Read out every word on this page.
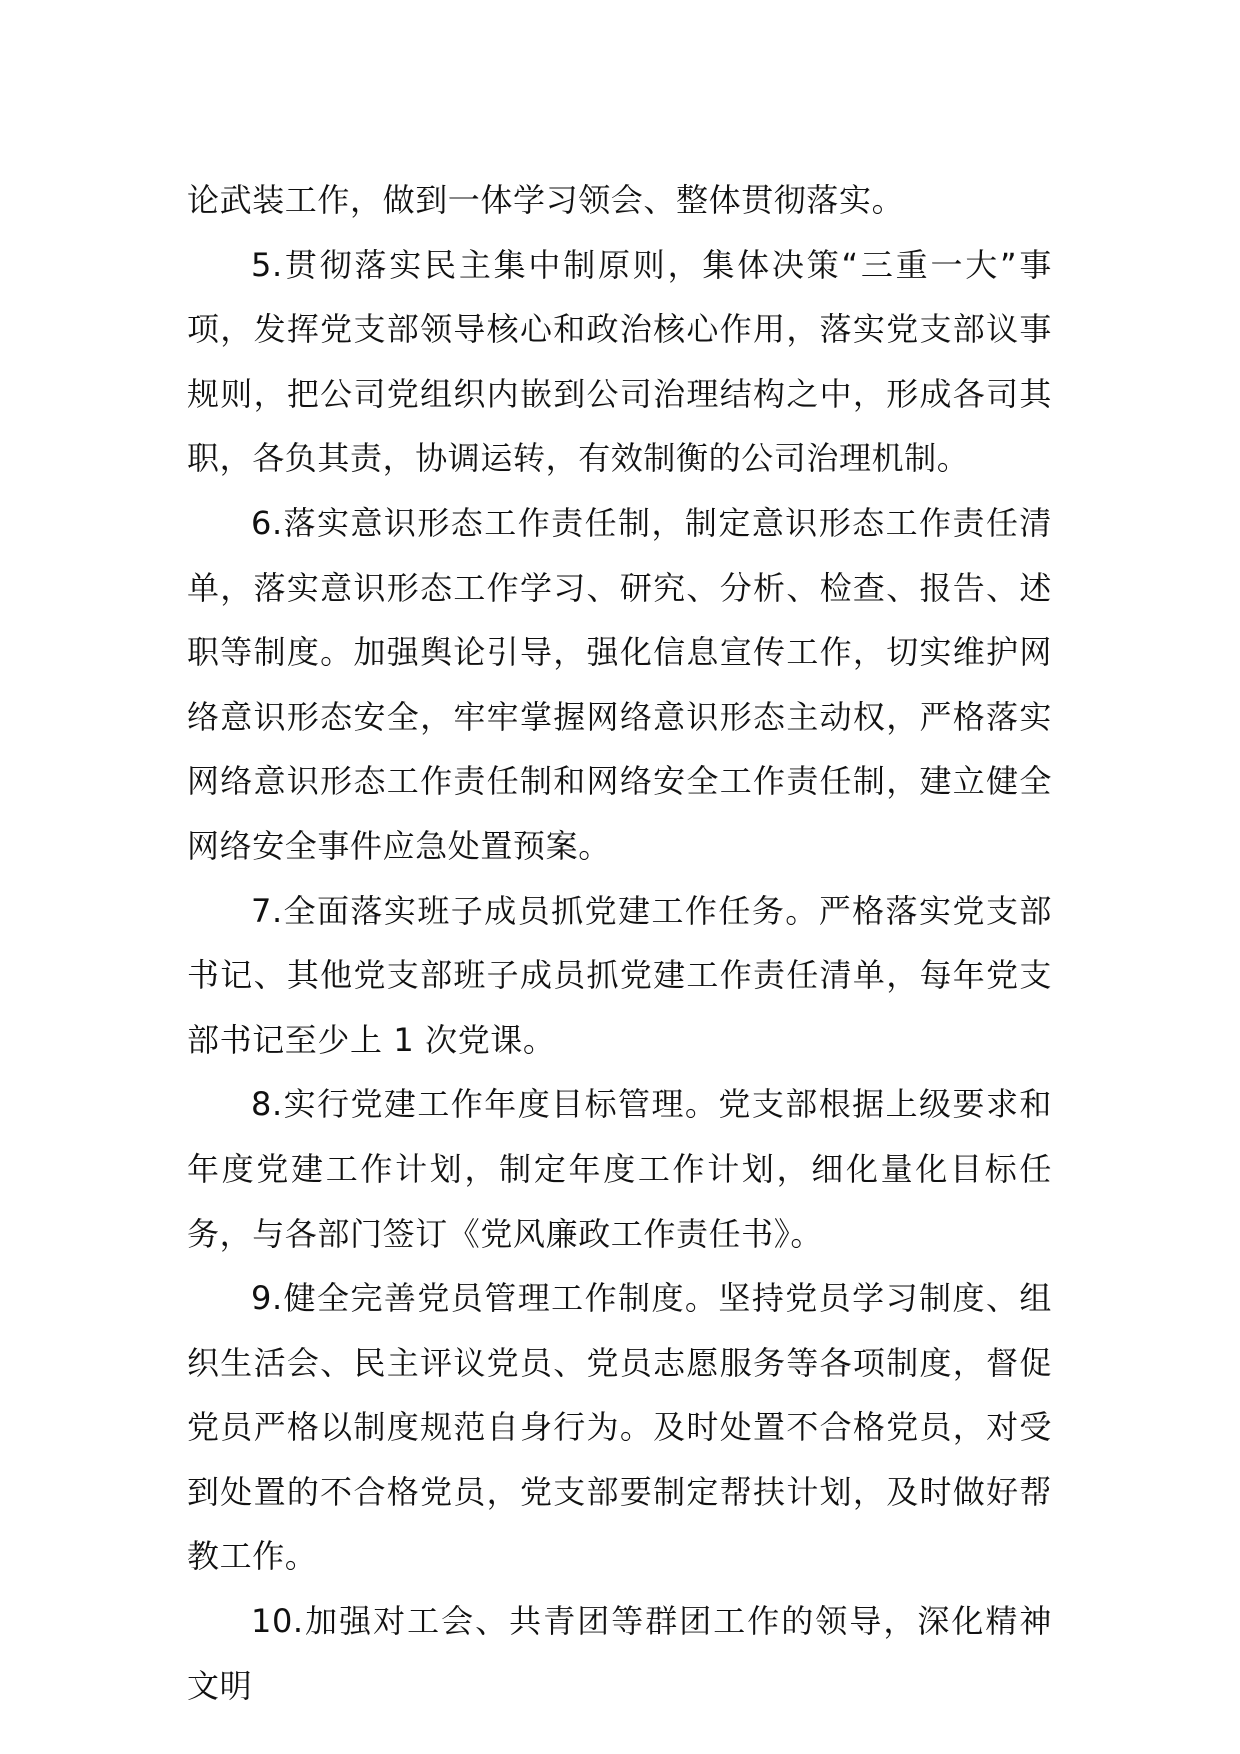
论武装工作，做到一体学习领会、整体贯彻落实。

5.贯彻落实民主集中制原则，集体决策“三重一大”事项，发挥党支部领导核心和政治核心作用，落实党支部议事规则，把公司党组织内嵌到公司治理结构之中，形成各司其职，各负其责，协调运转，有效制衡的公司治理机制。

6.落实意识形态工作责任制，制定意识形态工作责任清单，落实意识形态工作学习、研究、分析、检查、报告、述职等制度。加强舆论引导，强化信息宣传工作，切实维护网络意识形态安全，牢牢掌握网络意识形态主动权，严格落实网络意识形态工作责任制和网络安全工作责任制，建立健全网络安全事件应急处置预案。

7.全面落实班子成员抓党建工作任务。严格落实党支部书记、其他党支部班子成员抓党建工作责任清单，每年党支部书记至少上 1 次党课。

8.实行党建工作年度目标管理。党支部根据上级要求和年度党建工作计划，制定年度工作计划，细化量化目标任务，与各部门签订《党风廉政工作责任书》。

9.健全完善党员管理工作制度。坚持党员学习制度、组织生活会、民主评议党员、党员志愿服务等各项制度，督促党员严格以制度规范自身行为。及时处置不合格党员，对受到处置的不合格党员，党支部要制定帮扶计划，及时做好帮教工作。

10.加强对工会、共青团等群团工作的领导，深化精神文明
